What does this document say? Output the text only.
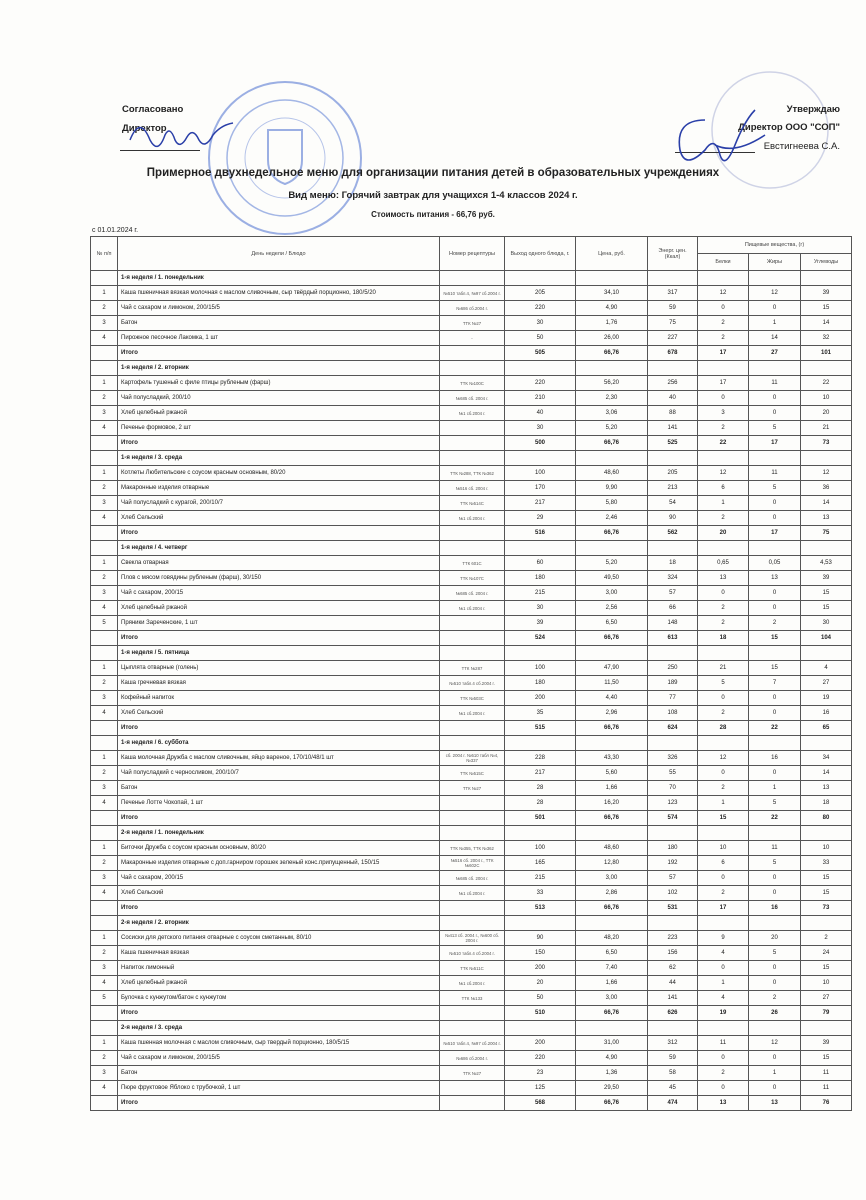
Согласовано
Директор
Утверждаю
Директор ООО "СОП"
Евстигнеева С.А.
Примерное двухнедельное меню для организации питания детей в образовательных учреждениях
Вид меню: Горячий завтрак для учащихся 1-4 классов 2024 г.
Стоимость питания - 66,76 руб.
с 01.01.2024 г.
№ п/п	День недели / Блюдо	Номер рецептуры	Выход одного блюда, г.	Цена, руб.	Энерг. цен. (Ккал)	Пищевые вещества, (г)		
						Белки	Жиры	Углеводы
	1-я неделя / 1. понедельник							
1	Каша пшеничная вязкая молочная с маслом сливочным, сыр твёрдый порционно, 180/5/20	№510 табл.4, №97 сб.2004 г.	205	34,10	317	12	12	39
2	Чай с сахаром и лимоном, 200/15/5	№686 сб.2004 г.	220	4,90	59	0	0	15
3	Батон	ТТК №27	30	1,76	75	2	1	14
4	Пирожное песочное Лакомка, 1 шт	-	50	26,00	227	2	14	32
	Итого		505	66,76	678	17	27	101
	1-я неделя / 2. вторник							
1	Картофель тушеный с филе птицы рубленым (фарш)	ТТК №100С	220	56,20	256	17	11	22
2	Чай полусладкий, 200/10	№685 сб. 2004 г.	210	2,30	40	0	0	10
3	Хлеб целебный ржаной	№1 сб.2004 г.	40	3,06	88	3	0	20
4	Печенье формовое, 2 шт		30	5,20	141	2	5	21
	Итого		500	66,76	525	22	17	73
	1-я неделя / 3. среда							
1	Котлеты Любительские с соусом красным основным, 80/20	ТТК №288, ТТК №362	100	48,60	205	12	11	12
2	Макаронные изделия отварные	№516 сб. 2004 г.	170	9,90	213	6	5	36
3	Чай полусладкий с курагой, 200/10/7	ТТК №514С	217	5,80	54	1	0	14
4	Хлеб Сельский	№1 сб.2004 г.	29	2,46	90	2	0	13
	Итого		516	66,76	562	20	17	75
	1-я неделя / 4. четверг							
1	Свекла отварная	ТТК 601С	60	5,20	18	0,65	0,05	4,53
2	Плов с мясом говядины рубленым (фарш), 30/150	ТТК №107С	180	49,50	324	13	13	39
3	Чай с сахаром, 200/15	№685 сб. 2004 г.	215	3,00	57	0	0	15
4	Хлеб целебный ржаной	№1 сб.2004 г.	30	2,56	66	2	0	15
5	Пряники Зареченские, 1 шт		39	6,50	148	2	2	30
	Итого		524	66,76	613	18	15	104
	1-я неделя / 5. пятница							
1	Цыплята отварные (голень)	ТТК №287	100	47,90	250	21	15	4
2	Каша гречневая вязкая	№510 табл.4 сб.2004 г.	180	11,50	189	5	7	27
3	Кофейный напиток	ТТК №503С	200	4,40	77	0	0	19
4	Хлеб Сельский	№1 сб.2004 г.	35	2,96	108	2	0	16
	Итого		515	66,76	624	28	22	65
	1-я неделя / 6. суббота							
1	Каша молочная Дружба с маслом сливочным, яйцо вареное, 170/10/48/1 шт	сб. 2004 г. №510 табл №4, №337	228	43,30	326	12	16	34
2	Чай полусладкий с черносливом, 200/10/7	ТТК №515С	217	5,60	55	0	0	14
3	Батон	ТТК №27	28	1,66	70	2	1	13
4	Печенье Лотте Чокопай, 1 шт		28	16,20	123	1	5	18
	Итого		501	66,76	574	15	22	80
	2-я неделя / 1. понедельник							
1	Биточки Дружба с соусом красным основным, 80/20	ТТК №355, ТТК №362	100	48,60	180	10	11	10
2	Макаронные изделия отварные с доп.гарниром горошек зеленый конс.припущенный, 150/15	№516 сб. 2004 г., ТТК №602С	165	12,80	192	6	5	33
3	Чай с сахаром, 200/15	№685 сб. 2004 г.	215	3,00	57	0	0	15
4	Хлеб Сельский	№1 сб.2004 г.	33	2,86	102	2	0	15
	Итого		513	66,76	531	17	16	73
	2-я неделя / 2. вторник							
1	Сосиски для детского питания отварные с соусом сметанным, 80/10	№413 сб. 2004 г., №600 сб. 2004 г.	90	48,20	223	9	20	2
2	Каша пшеничная вязкая	№510 табл.4 сб.2004 г.	150	6,50	156	4	5	24
3	Напиток лимонный	ТТК №511С	200	7,40	62	0	0	15
4	Хлеб целебный ржаной	№1 сб.2004 г.	20	1,66	44	1	0	10
5	Булочка с кунжутом/батон с кунжутом	ТТК №133	50	3,00	141	4	2	27
	Итого		510	66,76	626	19	26	79
	2-я неделя / 3. среда							
1	Каша пшенная молочная с маслом сливочным, сыр твердый порционно, 180/5/15	№510 табл.4, №97 сб.2004 г.	200	31,00	312	11	12	39
2	Чай с сахаром и лимоном, 200/15/5	№686 сб.2004 г.	220	4,90	59	0	0	15
3	Батон	ТТК №27	23	1,36	58	2	1	11
4	Пюре фруктовое Яблоко с трубочкой, 1 шт		125	29,50	45	0	0	11
	Итого		568	66,76	474	13	13	76
